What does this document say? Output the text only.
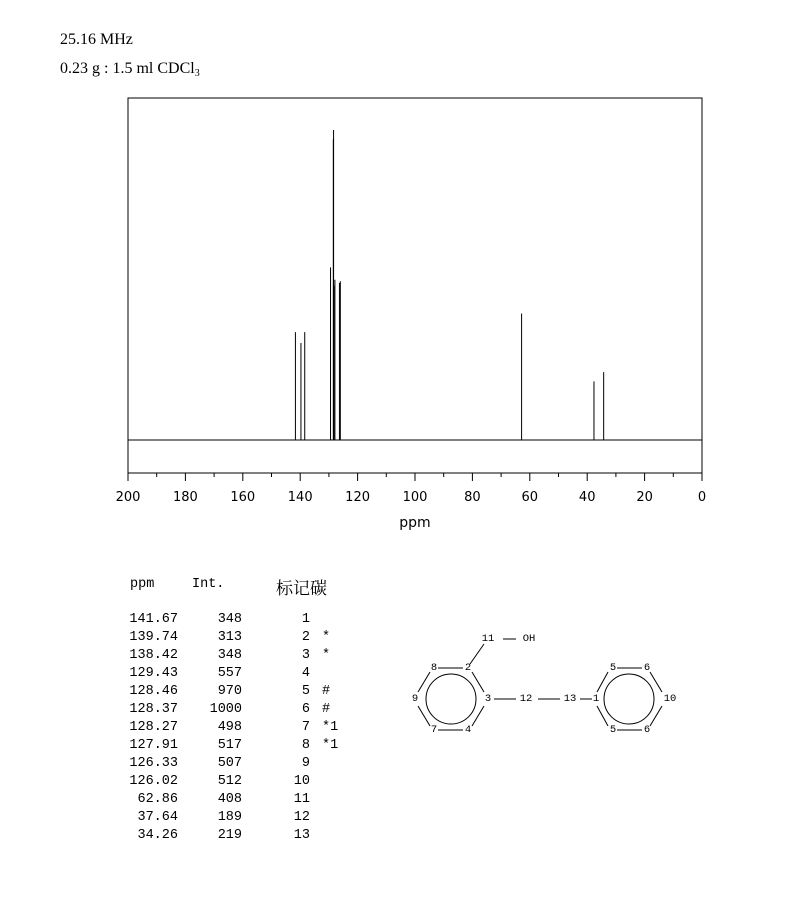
25.16 MHz
0.23 g : 1.5 ml CDCl$_3$
200	180	160	140	120	100	80	60	40	20	0
ppm
ppm	Int.	标记碳
141.67	348	1
139.74	313	2 *
138.42	348	3 *
129.43	557	4
128.46	970	5 #
128.37 1000	6 #
128.27	498	7 *1
127.91	517	8 *1
126.33	507	9
126.02	512	10
62.86	408	11
37.64	189	12
34.26	219	13
11	OH
8	2
9	3
7	4
12	13
5	6
1	10
5	6
